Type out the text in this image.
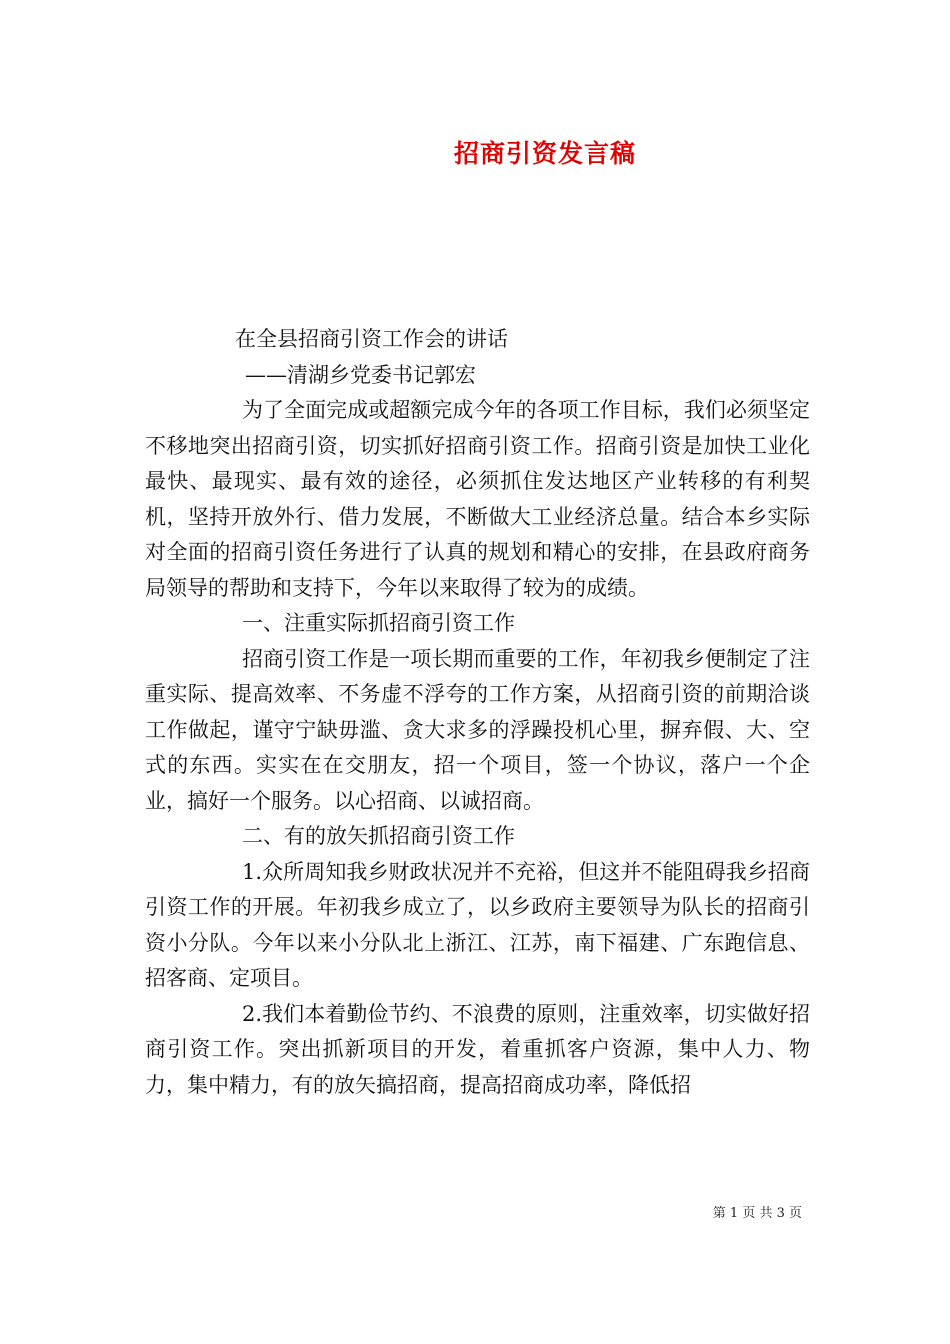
招商引资发言稿
在全县招商引资工作会的讲话
——清湖乡党委书记郭宏
为了全面完成或超额完成今年的各项工作目标，我们必须坚定不移地突出招商引资，切实抓好招商引资工作。招商引资是加快工业化最快、最现实、最有效的途径，必须抓住发达地区产业转移的有利契机，坚持开放外行、借力发展，不断做大工业经济总量。结合本乡实际对全面的招商引资任务进行了认真的规划和精心的安排，在县政府商务局领导的帮助和支持下，今年以来取得了较为的成绩。
一、注重实际抓招商引资工作
招商引资工作是一项长期而重要的工作，年初我乡便制定了注重实际、提高效率、不务虚不浮夸的工作方案，从招商引资的前期洽谈工作做起，谨守宁缺毋滥、贪大求多的浮躁投机心里，摒弃假、大、空式的东西。实实在在交朋友，招一个项目，签一个协议，落户一个企业，搞好一个服务。以心招商、以诚招商。
二、有的放矢抓招商引资工作
1.众所周知我乡财政状况并不充裕，但这并不能阻碍我乡招商引资工作的开展。年初我乡成立了，以乡政府主要领导为队长的招商引资小分队。今年以来小分队北上浙江、江苏，南下福建、广东跑信息、招客商、定项目。
2.我们本着勤俭节约、不浪费的原则，注重效率，切实做好招商引资工作。突出抓新项目的开发，着重抓客户资源，集中人力、物力，集中精力，有的放矢搞招商，提高招商成功率，降低招
第 1 页 共 3 页
